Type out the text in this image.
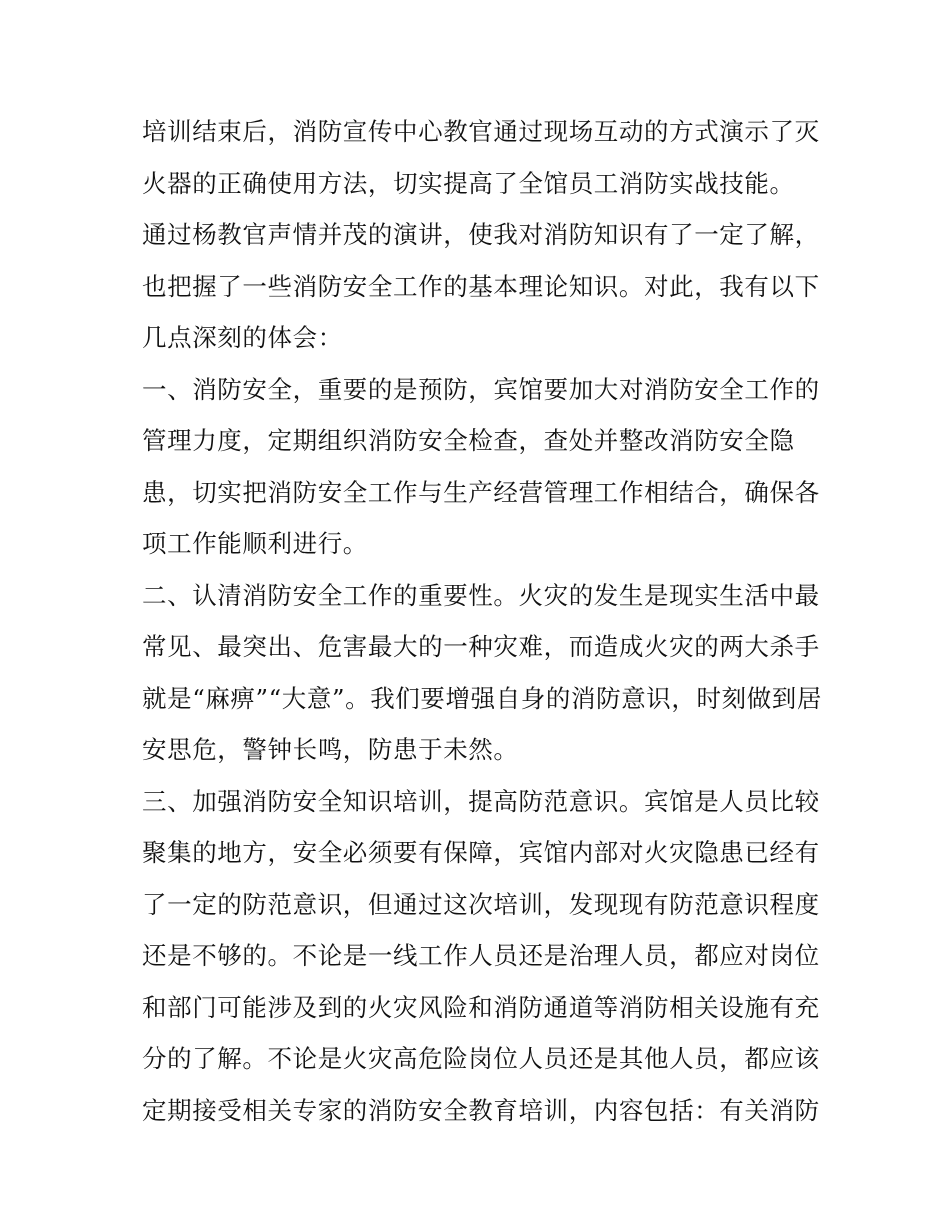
培训结束后，消防宣传中心教官通过现场互动的方式演示了灭
火器的正确使用方法，切实提高了全馆员工消防实战技能。

通过杨教官声情并茂的演讲，使我对消防知识有了一定了解，
也把握了一些消防安全工作的基本理论知识。对此，我有以下
几点深刻的体会：

一、消防安全，重要的是预防，宾馆要加大对消防安全工作的
管理力度，定期组织消防安全检查，查处并整改消防安全隐
患，切实把消防安全工作与生产经营管理工作相结合，确保各
项工作能顺利进行。

二、认清消防安全工作的重要性。火灾的发生是现实生活中最
常见、最突出、危害最大的一种灾难，而造成火灾的两大杀手
就是“麻痹”“大意”。我们要增强自身的消防意识，时刻做到居
安思危，警钟长鸣，防患于未然。

三、加强消防安全知识培训，提高防范意识。宾馆是人员比较
聚集的地方，安全必须要有保障，宾馆内部对火灾隐患已经有
了一定的防范意识，但通过这次培训，发现现有防范意识程度
还是不够的。不论是一线工作人员还是治理人员，都应对岗位
和部门可能涉及到的火灾风险和消防通道等消防相关设施有充
分的了解。不论是火灾高危险岗位人员还是其他人员，都应该
定期接受相关专家的消防安全教育培训，内容包括：有关消防
